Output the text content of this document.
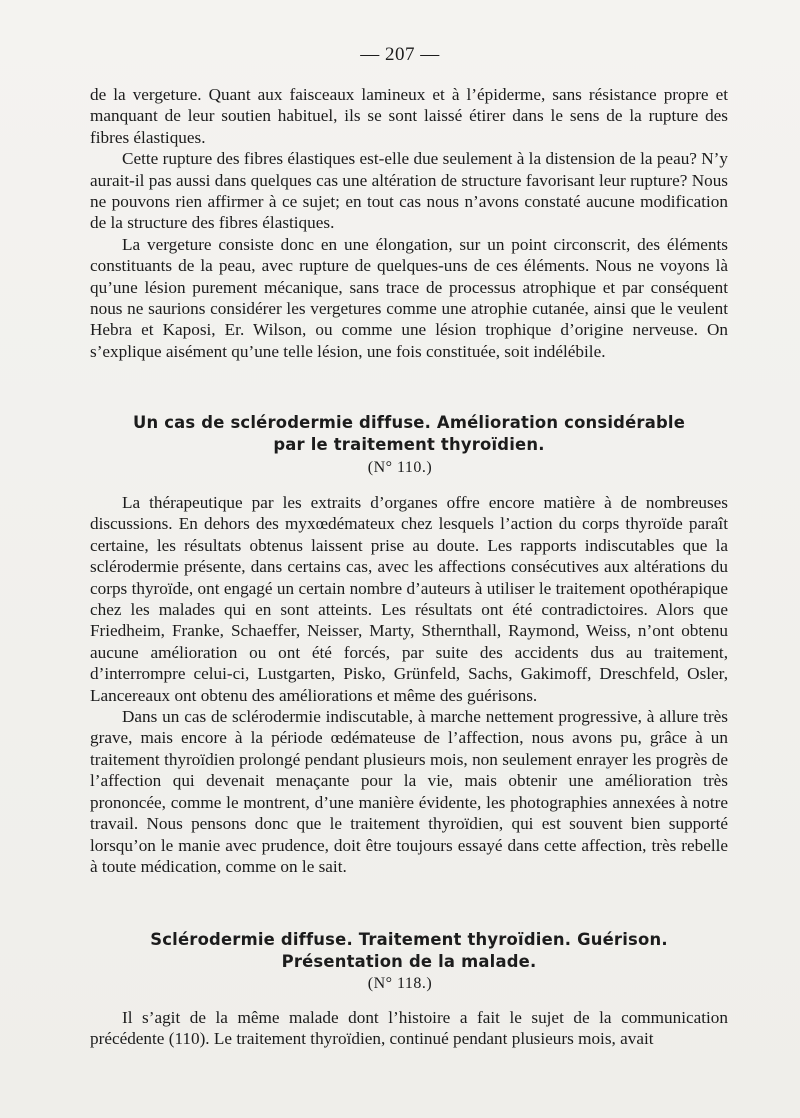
— 207 —

de la vergeture. Quant aux faisceaux lamineux et à l’épiderme, sans résistance propre et manquant de leur soutien habituel, ils se sont laissé étirer dans le sens de la rupture des fibres élastiques.

Cette rupture des fibres élastiques est-elle due seulement à la distension de la peau? N’y aurait-il pas aussi dans quelques cas une altération de structure favorisant leur rupture? Nous ne pouvons rien affirmer à ce sujet; en tout cas nous n’avons constaté aucune modification de la structure des fibres élastiques.

La vergeture consiste donc en une élongation, sur un point circonscrit, des éléments constituants de la peau, avec rupture de quelques-uns de ces éléments. Nous ne voyons là qu’une lésion purement mécanique, sans trace de processus atrophique et par conséquent nous ne saurions considérer les vergetures comme une atrophie cutanée, ainsi que le veulent Hebra et Kaposi, Er. Wilson, ou comme une lésion trophique d’origine nerveuse. On s’explique aisément qu’une telle lésion, une fois constituée, soit indélébile.

Un cas de sclérodermie diffuse. Amélioration considérable
par le traitement thyroïdien.
(N° 110.)

La thérapeutique par les extraits d’organes offre encore matière à de nombreuses discussions. En dehors des myxœdémateux chez lesquels l’action du corps thyroïde paraît certaine, les résultats obtenus laissent prise au doute. Les rapports indiscutables que la sclérodermie présente, dans certains cas, avec les affections consécutives aux altérations du corps thyroïde, ont engagé un certain nombre d’auteurs à utiliser le traitement opothérapique chez les malades qui en sont atteints. Les résultats ont été contradictoires. Alors que Friedheim, Franke, Schaeffer, Neisser, Marty, Sthernthall, Raymond, Weiss, n’ont obtenu aucune amélioration ou ont été forcés, par suite des accidents dus au traitement, d’interrompre celui-ci, Lustgarten, Pisko, Grünfeld, Sachs, Gakimoff, Dreschfeld, Osler, Lancereaux ont obtenu des améliorations et même des guérisons.

Dans un cas de sclérodermie indiscutable, à marche nettement progressive, à allure très grave, mais encore à la période œdémateuse de l’affection, nous avons pu, grâce à un traitement thyroïdien prolongé pendant plusieurs mois, non seulement enrayer les progrès de l’affection qui devenait menaçante pour la vie, mais obtenir une amélioration très prononcée, comme le montrent, d’une manière évidente, les photographies annexées à notre travail. Nous pensons donc que le traitement thyroïdien, qui est souvent bien supporté lorsqu’on le manie avec prudence, doit être toujours essayé dans cette affection, très rebelle à toute médication, comme on le sait.

Sclérodermie diffuse. Traitement thyroïdien. Guérison.
Présentation de la malade.
(N° 118.)

Il s’agit de la même malade dont l’histoire a fait le sujet de la communication précédente (110). Le traitement thyroïdien, continué pendant plusieurs mois, avait
